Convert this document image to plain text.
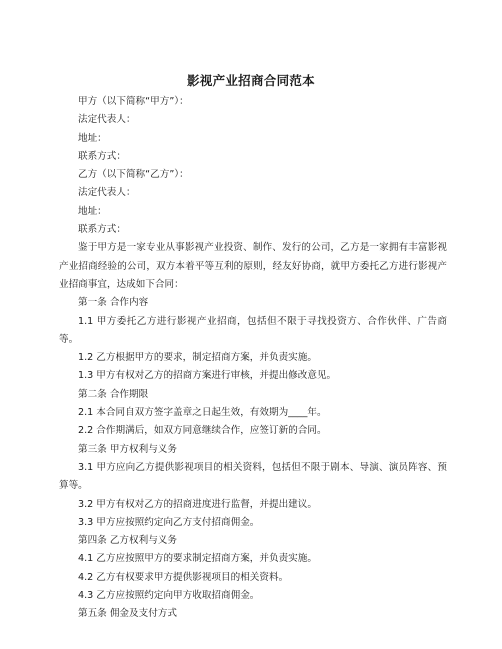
影视产业招商合同范本

甲方（以下简称“甲方”）：

法定代表人：

地址：

联系方式：

乙方（以下简称“乙方”）：

法定代表人：

地址：

联系方式：

鉴于甲方是一家专业从事影视产业投资、制作、发行的公司，乙方是一家拥有丰富影视产业招商经验的公司，双方本着平等互利的原则，经友好协商，就甲方委托乙方进行影视产业招商事宜，达成如下合同：

第一条 合作内容

1.1 甲方委托乙方进行影视产业招商，包括但不限于寻找投资方、合作伙伴、广告商等。

1.2 乙方根据甲方的要求，制定招商方案，并负责实施。

1.3 甲方有权对乙方的招商方案进行审核，并提出修改意见。

第二条 合作期限

2.1 本合同自双方签字盖章之日起生效，有效期为____年。

2.2 合作期满后，如双方同意继续合作，应签订新的合同。

第三条 甲方权利与义务

3.1 甲方应向乙方提供影视项目的相关资料，包括但不限于剧本、导演、演员阵容、预算等。

3.2 甲方有权对乙方的招商进度进行监督，并提出建议。

3.3 甲方应按照约定向乙方支付招商佣金。

第四条 乙方权利与义务

4.1 乙方应按照甲方的要求制定招商方案，并负责实施。

4.2 乙方有权要求甲方提供影视项目的相关资料。

4.3 乙方应按照约定向甲方收取招商佣金。

第五条 佣金及支付方式
